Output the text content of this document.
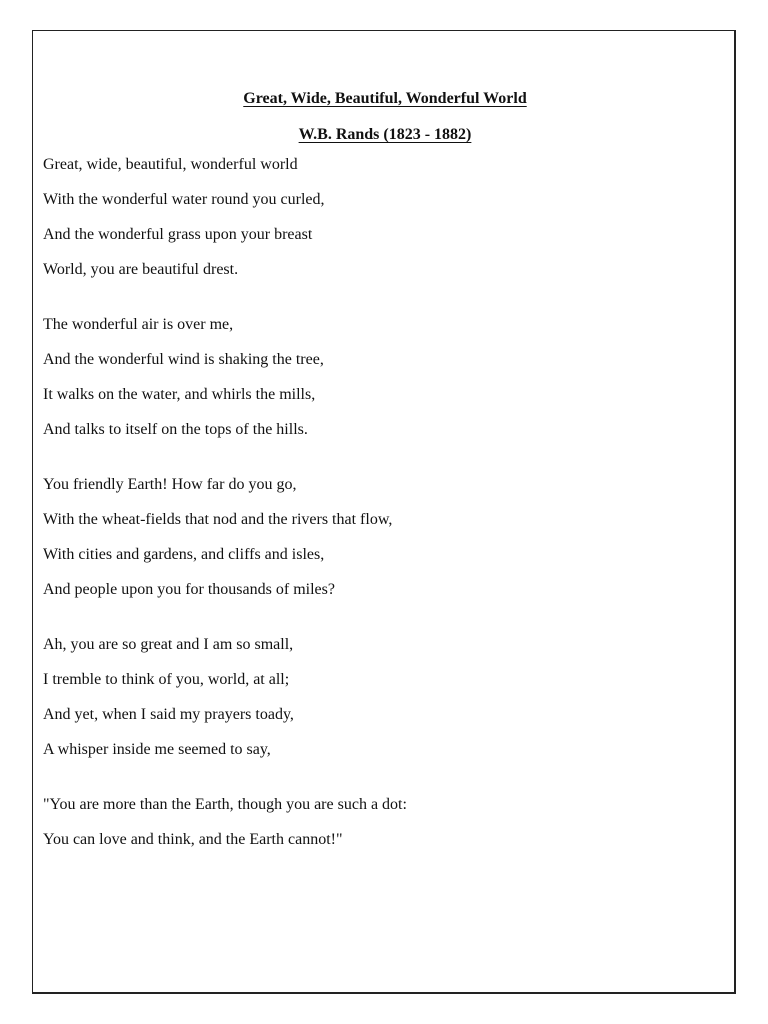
Great, Wide, Beautiful, Wonderful World
W.B. Rands (1823 - 1882)
Great, wide, beautiful, wonderful world
With the wonderful water round you curled,
And the wonderful grass upon your breast
World, you are beautiful drest.
The wonderful air is over me,
And the wonderful wind is shaking the tree,
It walks on the water, and whirls the mills,
And talks to itself on the tops of the hills.
You friendly Earth! How far do you go,
With the wheat-fields that nod and the rivers that flow,
With cities and gardens, and cliffs and isles,
And people upon you for thousands of miles?
Ah, you are so great and I am so small,
I tremble to think of you, world, at all;
And yet, when I said my prayers toady,
A whisper inside me seemed to say,
"You are more than the Earth, though you are such a dot:
You can love and think, and the Earth cannot!"
